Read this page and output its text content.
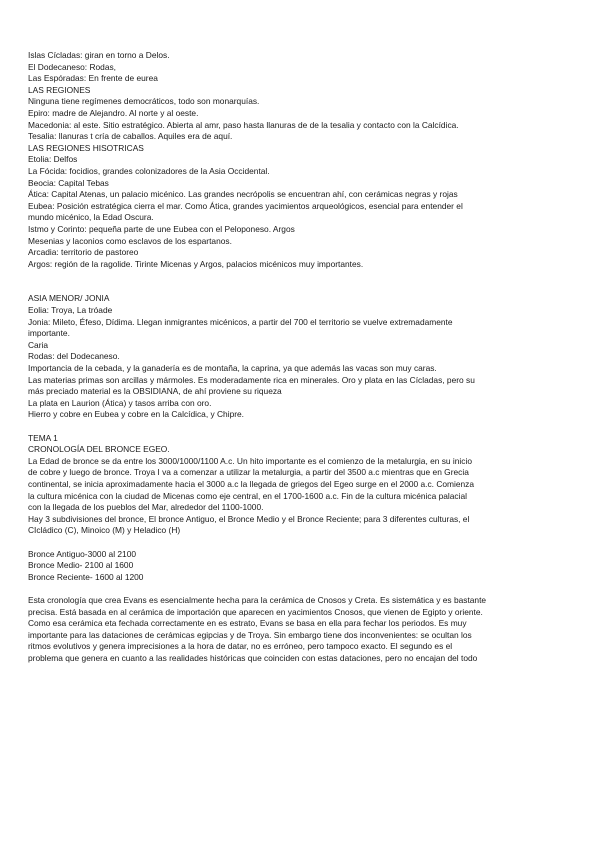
Islas Cícladas: giran en torno a Delos.
El Dodecaneso: Rodas,
Las Espóradas: En frente de eurea
LAS REGIONES
Ninguna tiene regímenes democráticos, todo son monarquías.
Epiro: madre de Alejandro. Al norte y al oeste.
Macedonia: al este. Sitio estratégico. Abierta al amr, paso hasta llanuras de de la tesalia y contacto con la Calcídica.
Tesalia: llanuras t cría de caballos. Aquiles era de aquí.
LAS REGIONES HISOTRICAS
Etolia: Delfos
La Fócida: focidios, grandes colonizadores de la Asia Occidental.
Beocia: Capital Tebas
Ática: Capital Atenas, un palacio micénico. Las grandes necrópolis se encuentran ahí, con cerámicas negras y rojas
Eubea: Posición estratégica cierra el mar. Como Ática, grandes yacimientos arqueológicos, esencial para entender el
mundo micénico, la Edad Oscura.
Istmo y Corinto: pequeña parte de une Eubea con el Peloponeso. Argos
Mesenias y laconios como esclavos de los espartanos.
Arcadia: territorio de pastoreo
Argos: región de la ragolide. Tirinte Micenas y Argos, palacios micénicos muy importantes.
ASIA MENOR/ JONIA
Eolia: Troya, La tróade
Jonia: Mileto, Éfeso, Dídima. Llegan inmigrantes micénicos, a partir del 700 el territorio se vuelve extremadamente
importante.
Caria
Rodas: del Dodecaneso.
Importancia de la cebada, y la ganadería es de montaña, la caprina, ya que además las vacas son muy caras.
Las materias primas son arcillas y mármoles. Es moderadamente rica en minerales. Oro y plata en las Cícladas, pero su
más preciado material es la OBSIDIANA, de ahí proviene su riqueza
La plata en Laurion (Ática) y tasos arriba con oro.
Hierro y cobre en Eubea y cobre en la Calcídica, y Chipre.
TEMA 1
CRONOLOGÍA DEL BRONCE EGEO.
La Edad de bronce se da entre los 3000/1000/1100 A.c. Un hito importante es el comienzo de la metalurgia, en su inicio
de cobre y luego de bronce. Troya I va a comenzar a utilizar la metalurgia, a partir del 3500 a.c mientras que en Grecia
continental, se inicia aproximadamente hacia el 3000 a.c la llegada de griegos del Egeo surge en el 2000 a.c. Comienza
la cultura micénica con la ciudad de Micenas como eje central, en el 1700-1600 a.c. Fin de la cultura micénica palacial
con la llegada de los pueblos del Mar, alrededor del 1100-1000.
Hay 3 subdivisiones del bronce, El bronce Antiguo, el Bronce Medio y el Bronce Reciente; para 3 diferentes culturas, el
CIcládico (C), Minoico (M) y Heladico (H)
Bronce Antiguo-3000 al 2100
Bronce Medio- 2100 al 1600
Bronce Reciente- 1600 al 1200
Esta cronología que crea Evans es esencialmente hecha para la cerámica de Cnosos y Creta. Es sistemática y es bastante
precisa. Está basada en al cerámica de importación que aparecen en yacimientos Cnosos, que vienen de Egipto y oriente.
Como esa cerámica eta fechada correctamente en es estrato, Evans se basa en ella para fechar los periodos. Es muy
importante para las dataciones de cerámicas egipcias y de Troya. Sin embargo tiene dos inconvenientes: se ocultan los
ritmos evolutivos y genera imprecisiones a la hora de datar, no es erróneo, pero tampoco exacto. El segundo es el
problema que genera en cuanto a las realidades históricas que coinciden con estas dataciones, pero no encajan del todo
